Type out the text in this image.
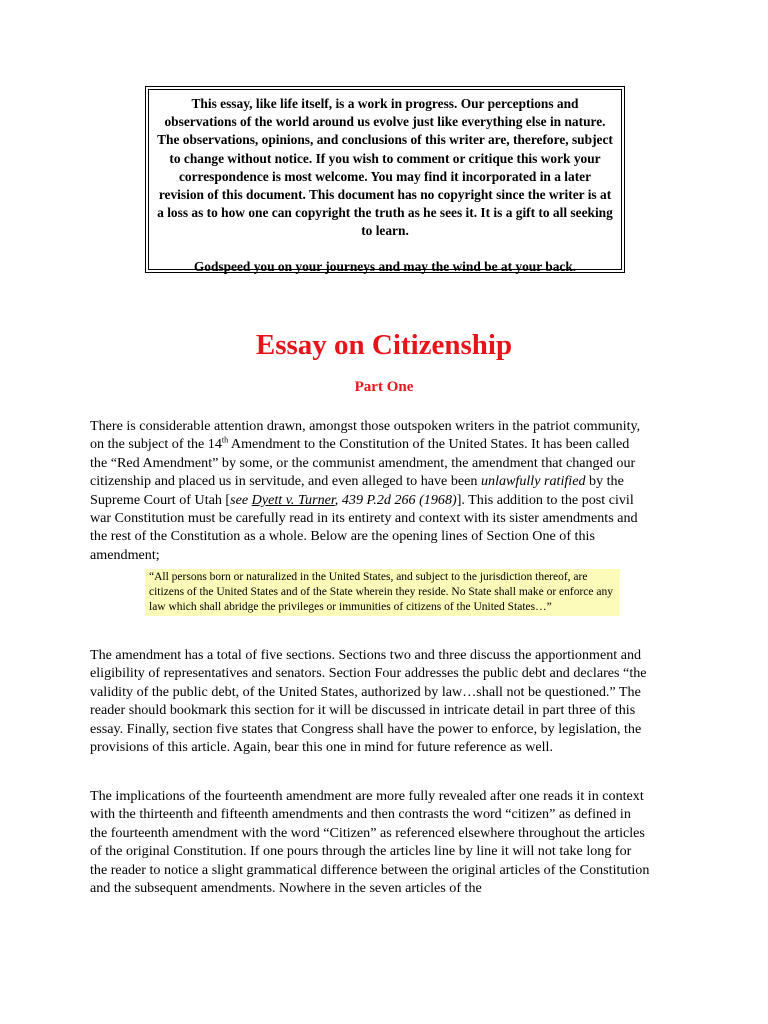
This essay, like life itself, is a work in progress. Our perceptions and observations of the world around us evolve just like everything else in nature. The observations, opinions, and conclusions of this writer are, therefore, subject to change without notice. If you wish to comment or critique this work your correspondence is most welcome. You may find it incorporated in a later revision of this document. This document has no copyright since the writer is at a loss as to how one can copyright the truth as he sees it. It is a gift to all seeking to learn.

Godspeed you on your journeys and may the wind be at your back.

Essay on Citizenship
Part One

There is considerable attention drawn, amongst those outspoken writers in the patriot community, on the subject of the 14th Amendment to the Constitution of the United States. It has been called the “Red Amendment” by some, or the communist amendment, the amendment that changed our citizenship and placed us in servitude, and even alleged to have been unlawfully ratified by the Supreme Court of Utah [see Dyett v. Turner, 439 P.2d 266 (1968)]. This addition to the post civil war Constitution must be carefully read in its entirety and context with its sister amendments and the rest of the Constitution as a whole. Below are the opening lines of Section One of this amendment;

“All persons born or naturalized in the United States, and subject to the jurisdiction thereof, are citizens of the United States and of the State wherein they reside. No State shall make or enforce any law which shall abridge the privileges or immunities of citizens of the United States…”

The amendment has a total of five sections. Sections two and three discuss the apportionment and eligibility of representatives and senators. Section Four addresses the public debt and declares “the validity of the public debt, of the United States, authorized by law…shall not be questioned.” The reader should bookmark this section for it will be discussed in intricate detail in part three of this essay. Finally, section five states that Congress shall have the power to enforce, by legislation, the provisions of this article. Again, bear this one in mind for future reference as well.

The implications of the fourteenth amendment are more fully revealed after one reads it in context with the thirteenth and fifteenth amendments and then contrasts the word “citizen” as defined in the fourteenth amendment with the word “Citizen” as referenced elsewhere throughout the articles of the original Constitution. If one pours through the articles line by line it will not take long for the reader to notice a slight grammatical difference between the original articles of the Constitution and the subsequent amendments. Nowhere in the seven articles of the
